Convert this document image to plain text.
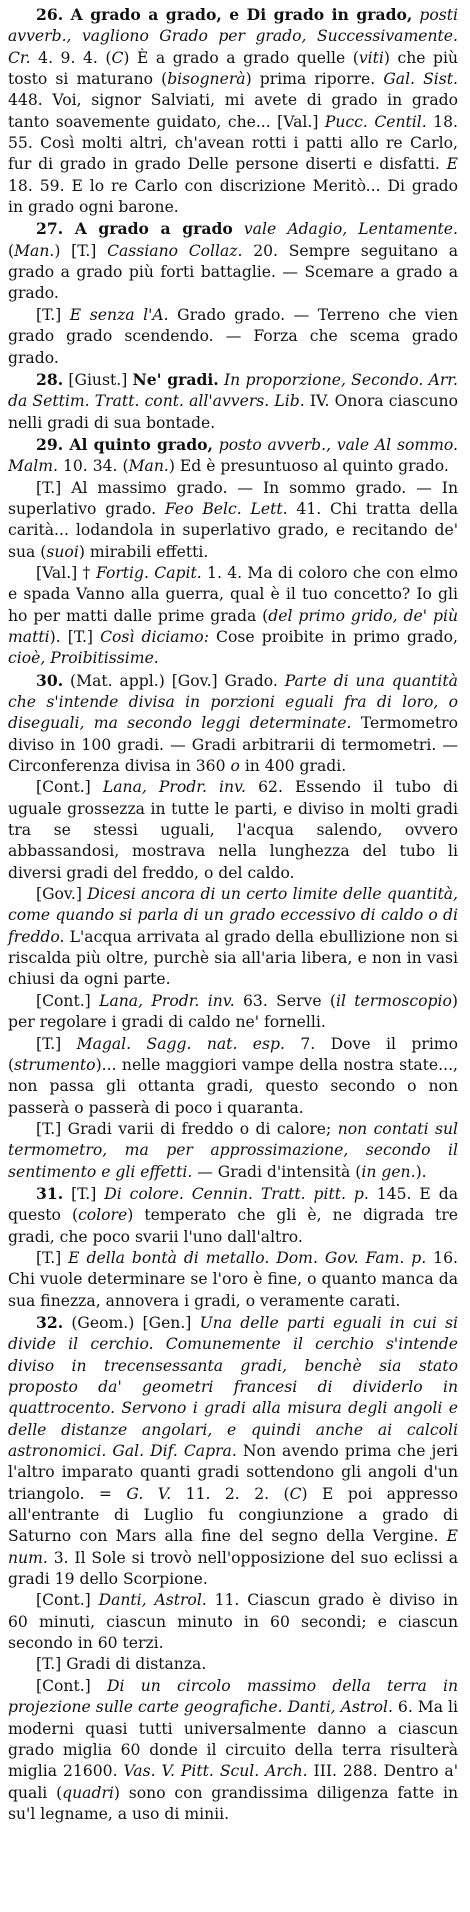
26. A grado a grado, e Di grado in grado, posti avverb., vagliono Grado per grado, Successivamente. Cr. 4. 9. 4. (C) È a grado a grado quelle (viti) che più tosto si maturano (bisognerà) prima riporre. Gal. Sist. 448. Voi, signor Salviati, mi avete di grado in grado tanto soavemente guidato, che... [Val.] Pucc. Centil. 18. 55. Così molti altri, ch'avean rotti i patti allo re Carlo, fur di grado in grado Delle persone diserti e disfatti. E 18. 59. E lo re Carlo con discrizione Meritò... Di grado in grado ogni barone.

27. A grado a grado vale Adagio, Lentamente. (Man.) [T.] Cassiano Collaz. 20. Sempre seguitano a grado a grado più forti battaglie. — Scemare a grado a grado.

[T.] E senza l'A. Grado grado. — Terreno che vien grado grado scendendo. — Forza che scema grado grado.

28. [Giust.] Ne' gradi. In proporzione, Secondo. Arr. da Settim. Tratt. cont. all'avvers. Lib. IV. Onora ciascuno nelli gradi di sua bontade.

29. Al quinto grado, posto avverb., vale Al sommo. Malm. 10. 34. (Man.) Ed è presuntuoso al quinto grado.

[T.] Al massimo grado. — In sommo grado. — In superlativo grado. Feo Belc. Lett. 41. Chi tratta della carità... lodandola in superlativo grado, e recitando de' sua (suoi) mirabili effetti.

[Val.] † Fortig. Capit. 1. 4. Ma di coloro che con elmo e spada Vanno alla guerra, qual è il tuo concetto? Io gli ho per matti dalle prime grada (del primo grido, de' più matti). [T.] Così diciamo: Cose proibite in primo grado, cioè, Proibitissime.

30. (Mat. appl.) [Gov.] Grado. Parte di una quantità che s'intende divisa in porzioni eguali fra di loro, o diseguali, ma secondo leggi determinate. Termometro diviso in 100 gradi. — Gradi arbitrarii di termometri. — Circonferenza divisa in 360 o in 400 gradi.

[Cont.] Lana, Prodr. inv. 62. Essendo il tubo di uguale grossezza in tutte le parti, e diviso in molti gradi tra se stessi uguali, l'acqua salendo, ovvero abbassandosi, mostrava nella lunghezza del tubo li diversi gradi del freddo, o del caldo.

[Gov.] Dicesi ancora di un certo limite delle quantità, come quando si parla di un grado eccessivo di caldo o di freddo. L'acqua arrivata al grado della ebullizione non si riscalda più oltre, purchè sia all'aria libera, e non in vasi chiusi da ogni parte.

[Cont.] Lana, Prodr. inv. 63. Serve (il termoscopio) per regolare i gradi di caldo ne' fornelli.

[T.] Magal. Sagg. nat. esp. 7. Dove il primo (strumento)... nelle maggiori vampe della nostra state..., non passa gli ottanta gradi, questo secondo o non passerà o passerà di poco i quaranta.

[T.] Gradi varii di freddo o di calore; non contati sul termometro, ma per approssimazione, secondo il sentimento e gli effetti. — Gradi d'intensità (in gen.).

31. [T.] Di colore. Cennin. Tratt. pitt. p. 145. E da questo (colore) temperato che gli è, ne digrada tre gradi, che poco svarii l'uno dall'altro.

[T.] E della bontà di metallo. Dom. Gov. Fam. p. 16. Chi vuole determinare se l'oro è fine, o quanto manca da sua finezza, annovera i gradi, o veramente carati.

32. (Geom.) [Gen.] Una delle parti eguali in cui si divide il cerchio. Comunemente il cerchio s'intende diviso in trecensessanta gradi, benchè sia stato proposto da' geometri francesi di dividerlo in quattrocento. Servono i gradi alla misura degli angoli e delle distanze angolari, e quindi anche ai calcoli astronomici. Gal. Dif. Capra. Non avendo prima che jeri l'altro imparato quanti gradi sottendono gli angoli d'un triangolo. = G. V. 11. 2. 2. (C) E poi appresso all'entrante di Luglio fu congiunzione a grado di Saturno con Mars alla fine del segno della Vergine. E num. 3. Il Sole si trovò nell'opposizione del suo eclissi a gradi 19 dello Scorpione.

[Cont.] Danti, Astrol. 11. Ciascun grado è diviso in 60 minuti, ciascun minuto in 60 secondi; e ciascun secondo in 60 terzi.

[T.] Gradi di distanza.

[Cont.] Di un circolo massimo della terra in projezione sulle carte geografiche. Danti, Astrol. 6. Ma li moderni quasi tutti universalmente danno a ciascun grado miglia 60 donde il circuito della terra risulterà miglia 21600. Vas. V. Pitt. Scul. Arch. III. 288. Dentro a' quali (quadri) sono con grandissima diligenza fatte in su'l legname, a uso di miniі.
